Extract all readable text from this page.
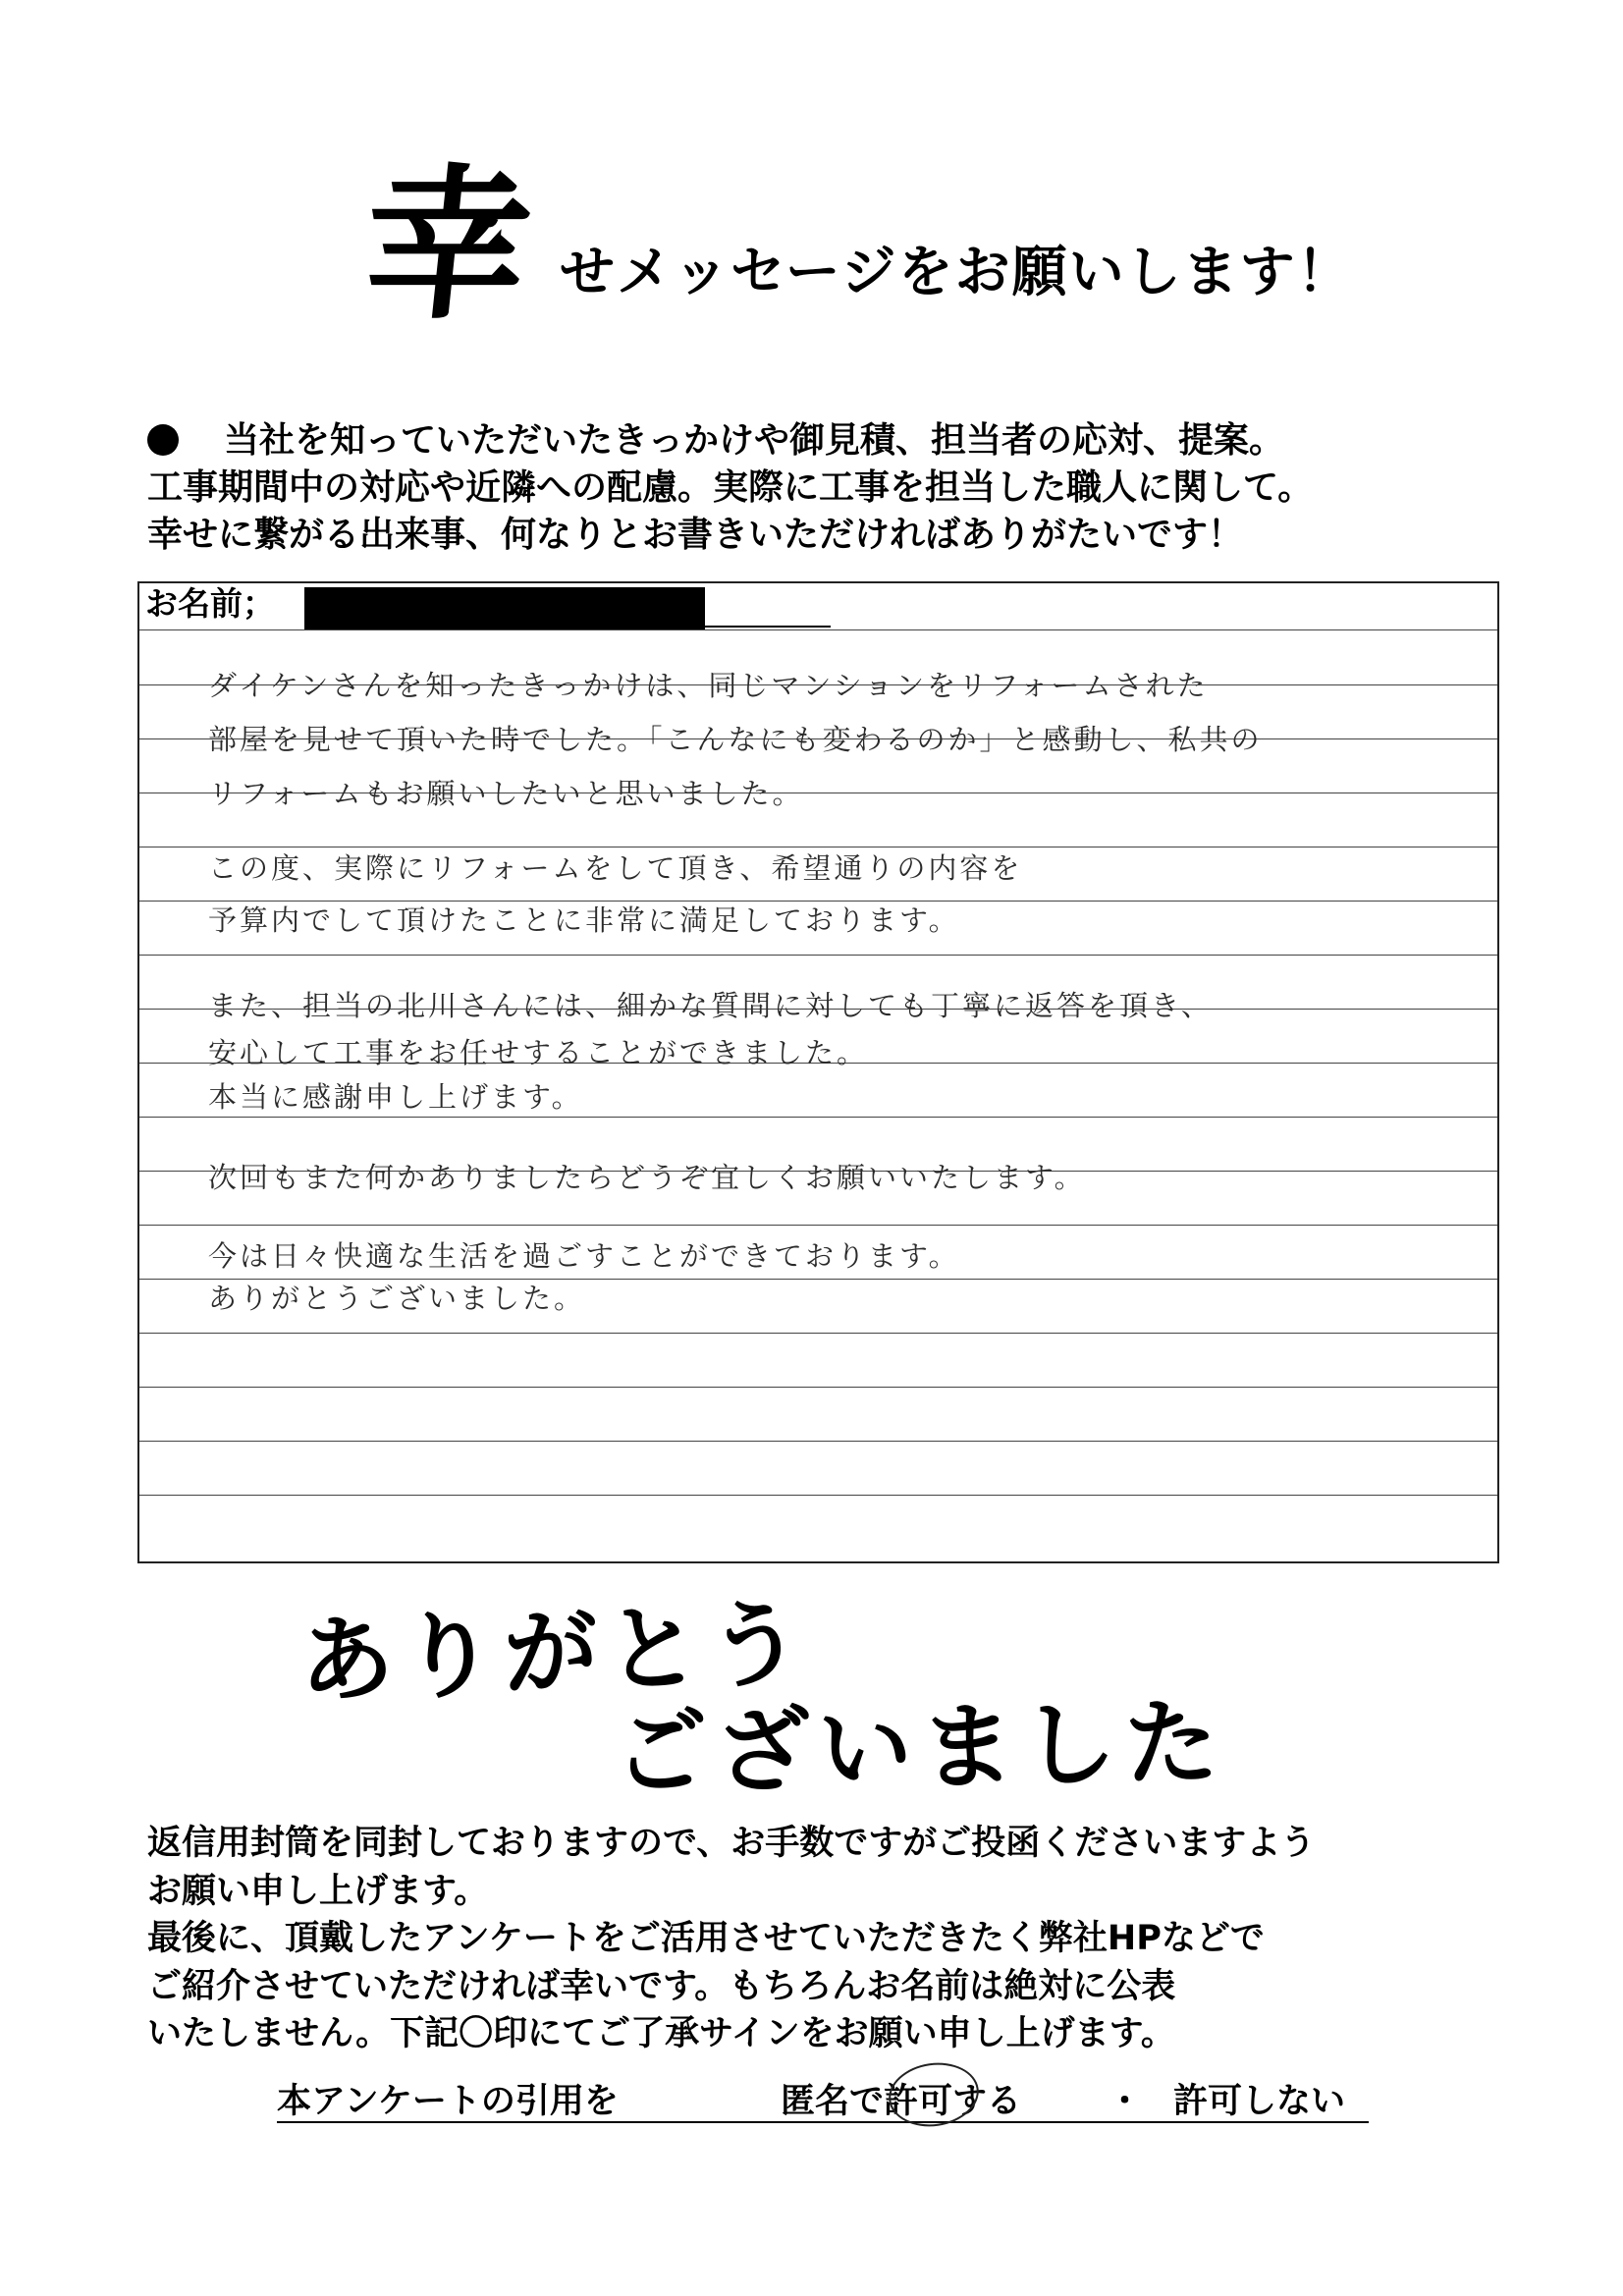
幸 せメッセージをお願いします！
当社を知っていただいたきっかけや御見積、担当者の応対、提案。
工事期間中の対応や近隣への配慮。実際に工事を担当した職人に関して。
幸せに繋がる出来事、何なりとお書きいただければありがたいです！
お名前；
ダイケンさんを知ったきっかけは、同じマンションをリフォームされた
部屋を見せて頂いた時でした。「こんなにも変わるのか」と感動し、私共の
リフォームもお願いしたいと思いました。
この度、実際にリフォームをして頂き、希望通りの内容を
予算内でして頂けたことに非常に満足しております。
また、担当の北川さんには、細かな質問に対しても丁寧に返答を頂き、
安心して工事をお任せすることができました。
本当に感謝申し上げます。
次回もまた何かありましたらどうぞ宜しくお願いいたします。
今は日々快適な生活を過ごすことができております。
ありがとうございました。
ありがとう
ございました
返信用封筒を同封しておりますので、お手数ですがご投函くださいますよう
お願い申し上げます。
最後に、頂戴したアンケートをご活用させていただきたく弊社HPなどで
ご紹介させていただければ幸いです。もちろんお名前は絶対に公表
いたしません。下記〇印にてご了承サインをお願い申し上げます。
本アンケートの引用を	匿名で許可する	・ 許可しない
